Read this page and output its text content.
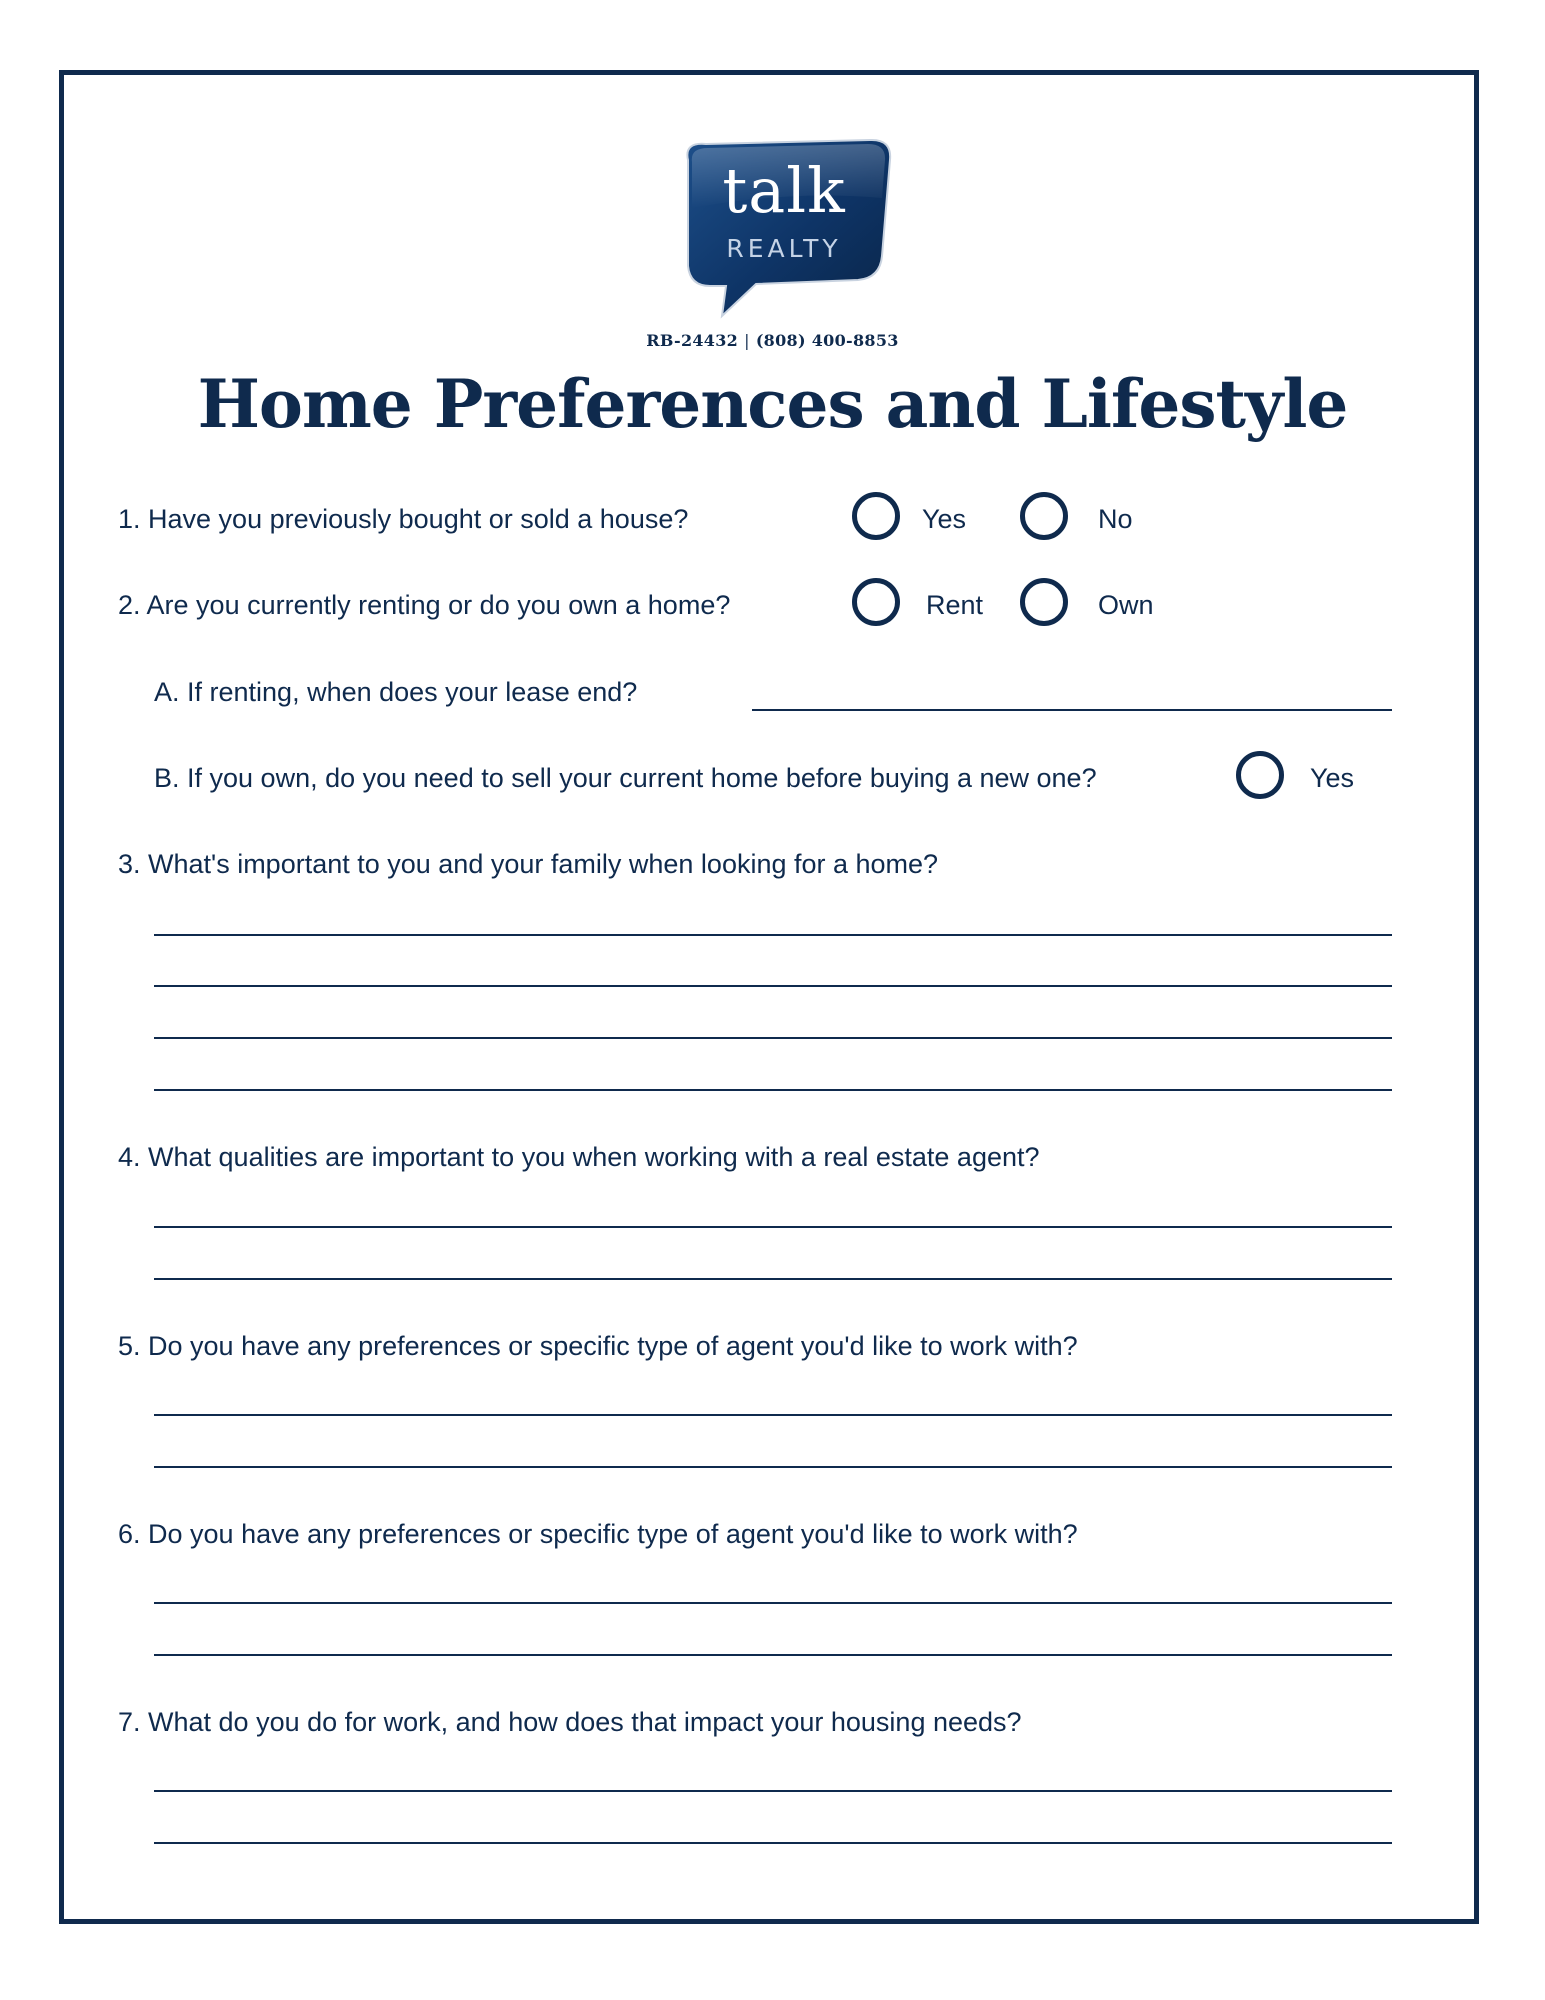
talk
REALTY
RB-24432 | (808) 400-8853
Home Preferences and Lifestyle
1. Have you previously bought or sold a house?	Yes	No
2. Are you currently renting or do you own a home?	Rent	Own
A. If renting, when does your lease end?
B. If you own, do you need to sell your current home before buying a new one?	Yes
3. What's important to you and your family when looking for a home?
4. What qualities are important to you when working with a real estate agent?
5. Do you have any preferences or specific type of agent you'd like to work with?
6. Do you have any preferences or specific type of agent you'd like to work with?
7. What do you do for work, and how does that impact your housing needs?
